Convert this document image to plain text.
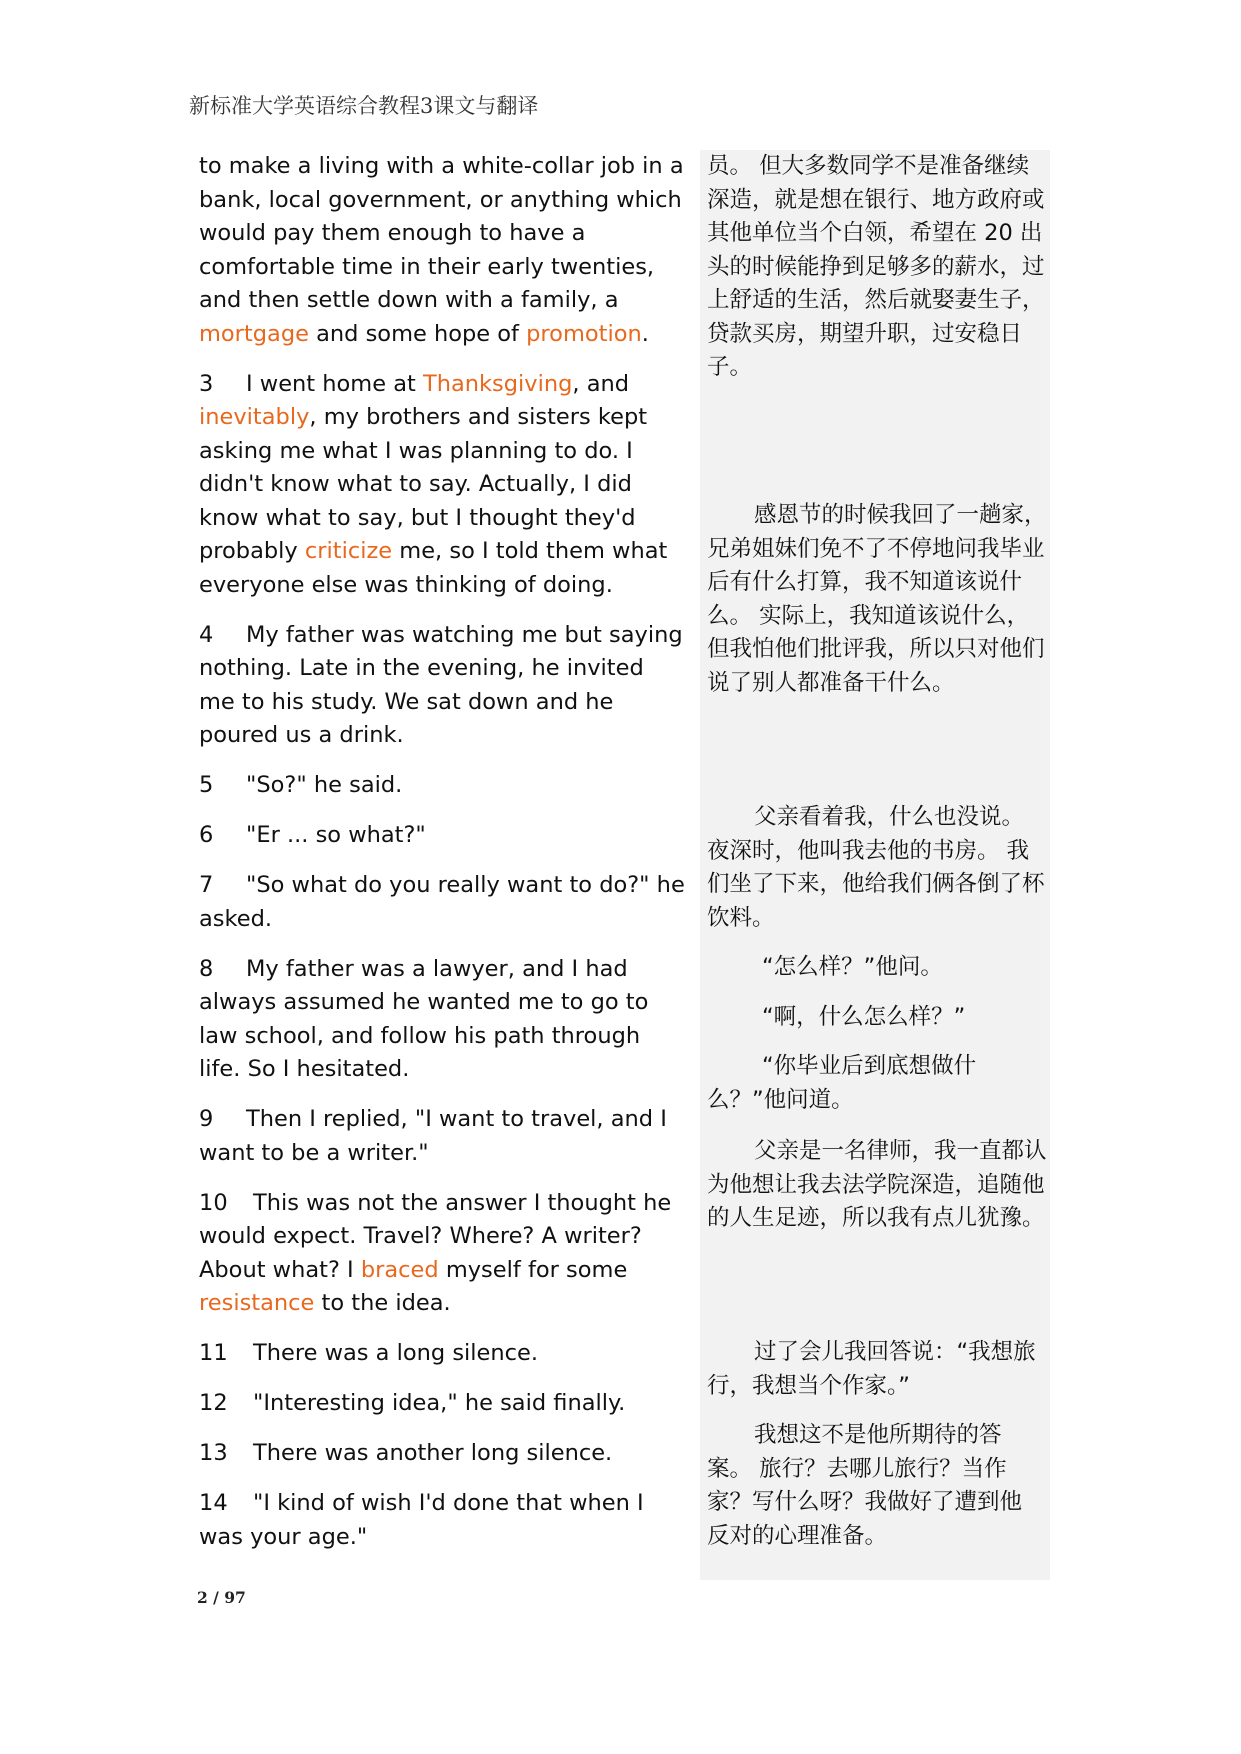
新标准大学英语综合教程3课文与翻译

to make a living with a white-collar job in a bank, local government, or anything which would pay them enough to have a comfortable time in their early twenties, and then settle down with a family, a mortgage and some hope of promotion.

3 I went home at Thanksgiving, and inevitably, my brothers and sisters kept asking me what I was planning to do. I didn't know what to say. Actually, I did know what to say, but I thought they'd probably criticize me, so I told them what everyone else was thinking of doing.

4 My father was watching me but saying nothing. Late in the evening, he invited me to his study. We sat down and he poured us a drink.

5 "So?" he said.

6 "Er ... so what?"

7 "So what do you really want to do?" he asked.

8 My father was a lawyer, and I had always assumed he wanted me to go to law school, and follow his path through life. So I hesitated.

9 Then I replied, "I want to travel, and I want to be a writer."

10 This was not the answer I thought he would expect. Travel? Where? A writer? About what? I braced myself for some resistance to the idea.

11 There was a long silence.

12 "Interesting idea," he said finally.

13 There was another long silence.

14 "I kind of wish I'd done that when I was your age."

员。 但大多数同学不是准备继续深造，就是想在银行、地方政府或其他单位当个白领，希望在 20 出头的时候能挣到足够多的薪水，过上舒适的生活，然后就娶妻生子，贷款买房，期望升职，过安稳日子。

感恩节的时候我回了一趟家，兄弟姐妹们免不了不停地问我毕业后有什么打算，我不知道该说什么。 实际上，我知道该说什么，但我怕他们批评我，所以只对他们说了别人都准备干什么。

父亲看着我，什么也没说。 夜深时，他叫我去他的书房。 我们坐了下来，他给我们俩各倒了杯饮料。

“怎么样？”他问。

“啊，什么怎么样？”

“你毕业后到底想做什么？”他问道。

父亲是一名律师，我一直都认为他想让我去法学院深造，追随他的人生足迹，所以我有点儿犹豫。

过了会儿我回答说：“我想旅行，我想当个作家。”

我想这不是他所期待的答案。 旅行？去哪儿旅行？当作家？写什么呀？我做好了遭到他反对的心理准备。

2 / 97
